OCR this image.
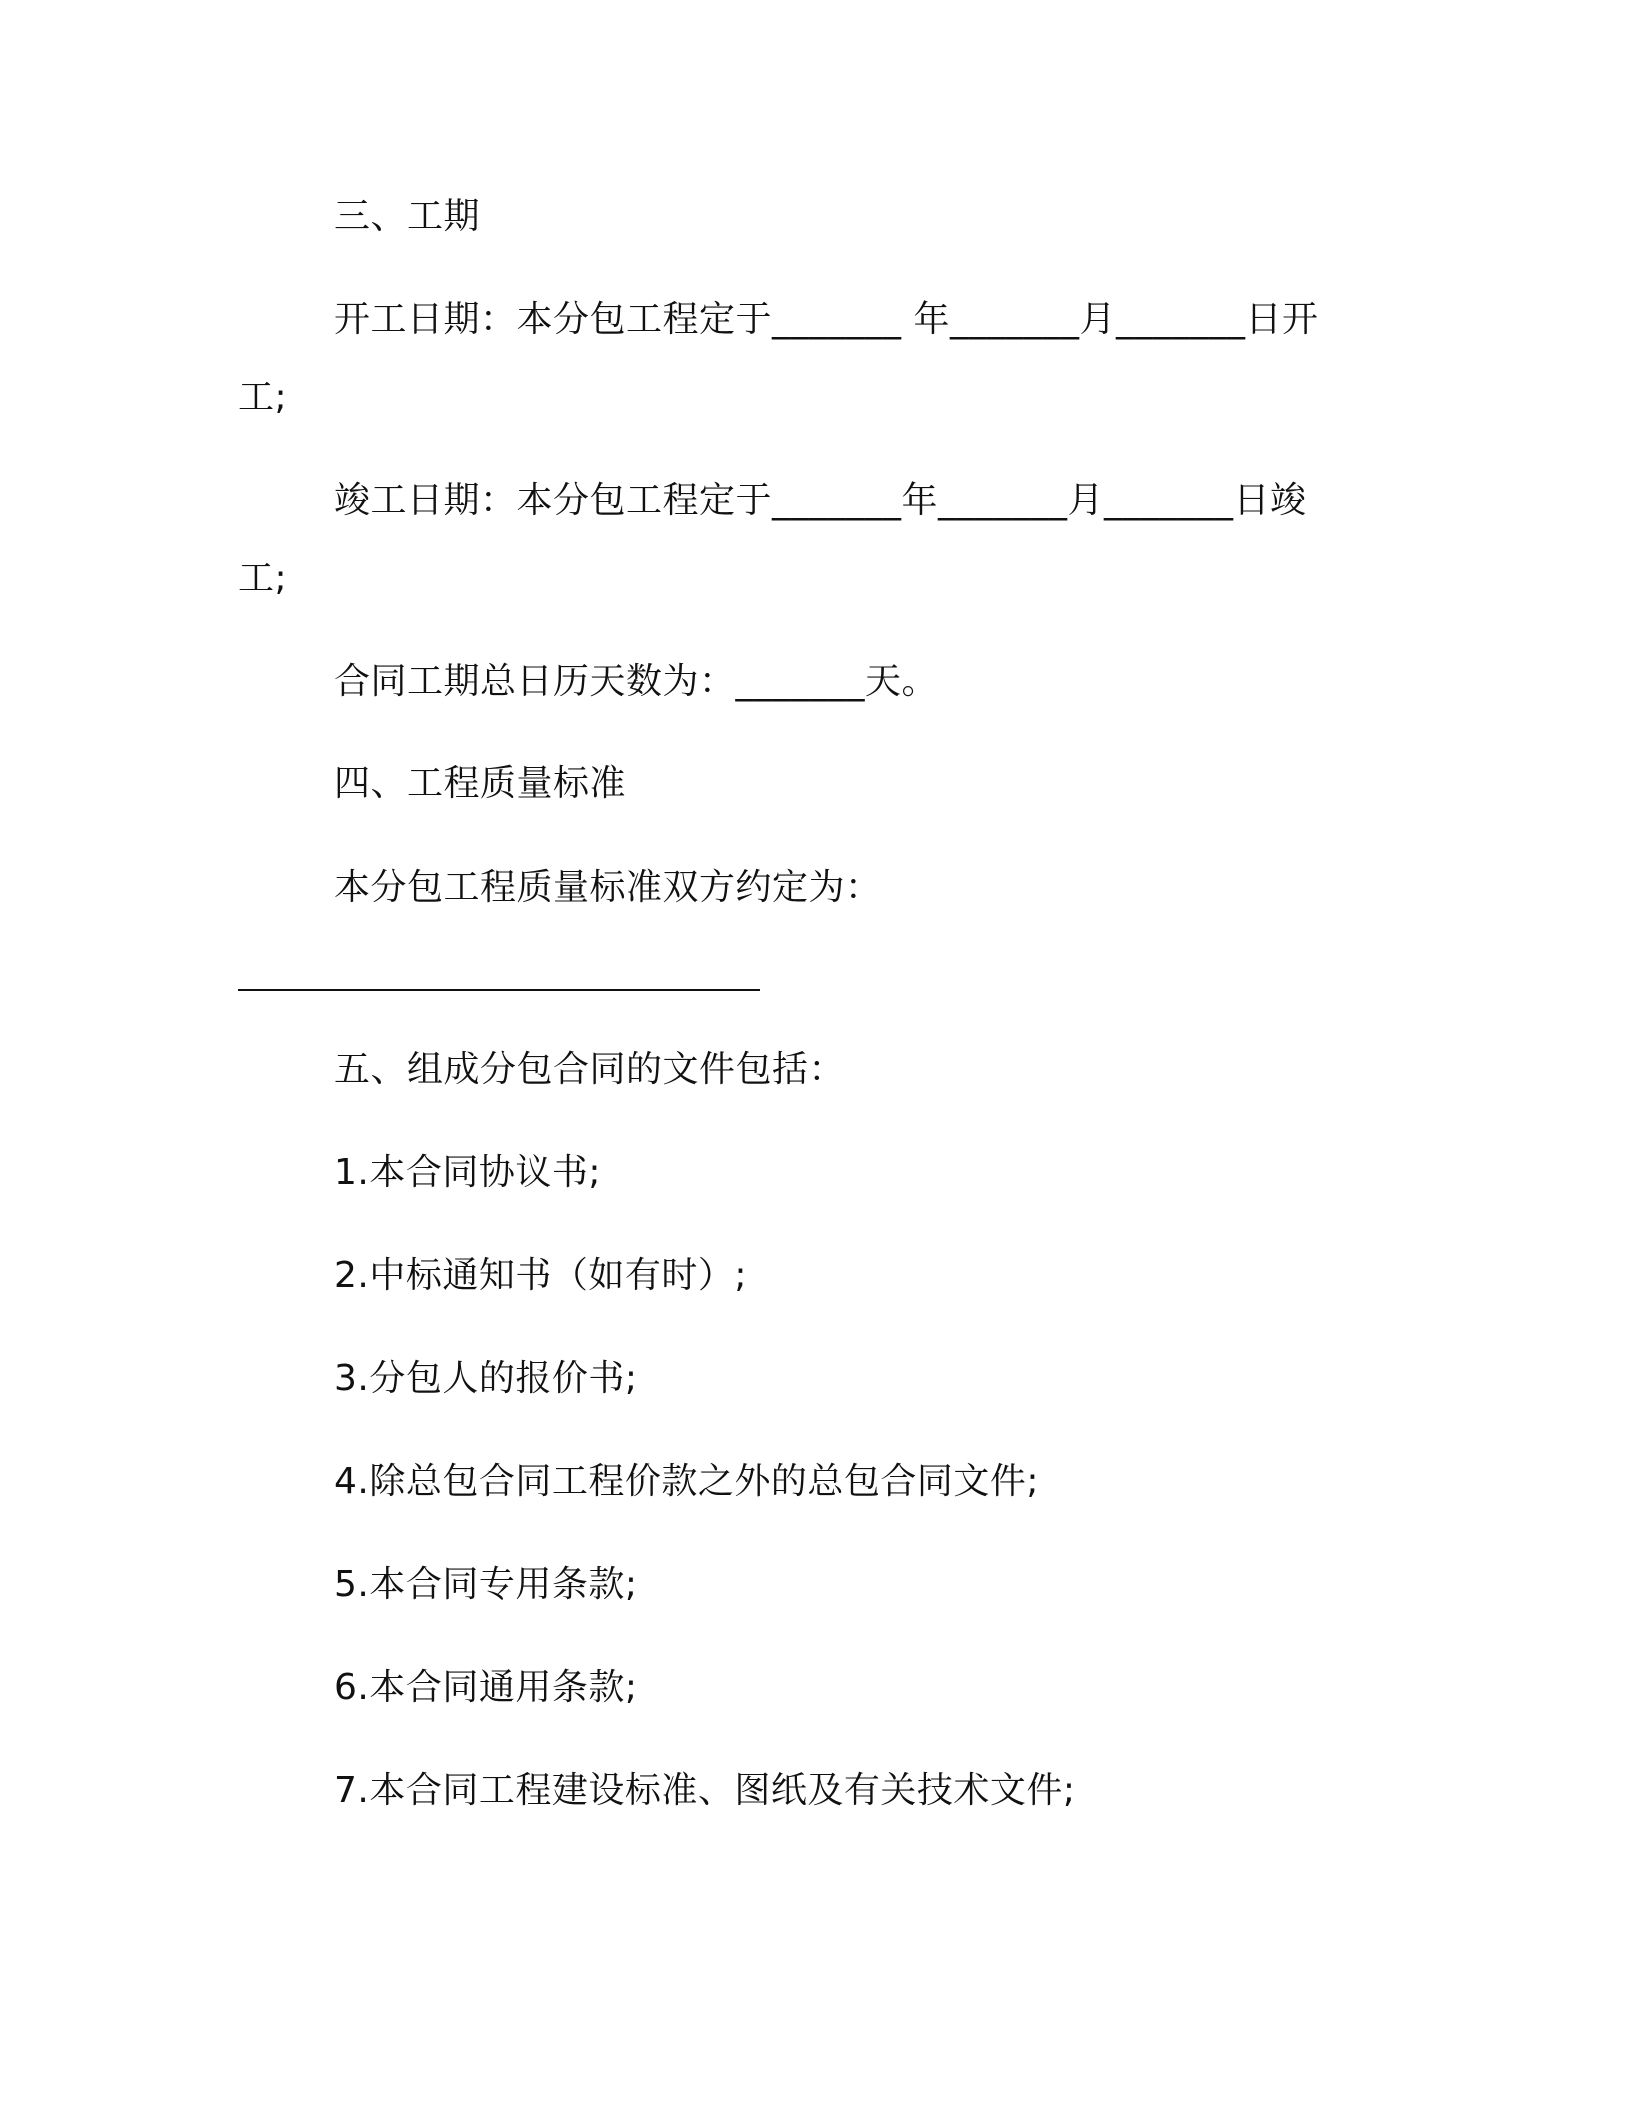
三、工期
开工日期：本分包工程定于_______ 年_______月_______日开
工;
竣工日期：本分包工程定于_______年_______月_______日竣
工;
合同工期总日历天数为：_______天。
四、工程质量标准
本分包工程质量标准双方约定为：
五、组成分包合同的文件包括：
1.本合同协议书;
2.中标通知书（如有时）;
3.分包人的报价书;
4.除总包合同工程价款之外的总包合同文件;
5.本合同专用条款;
6.本合同通用条款;
7.本合同工程建设标准、图纸及有关技术文件;
